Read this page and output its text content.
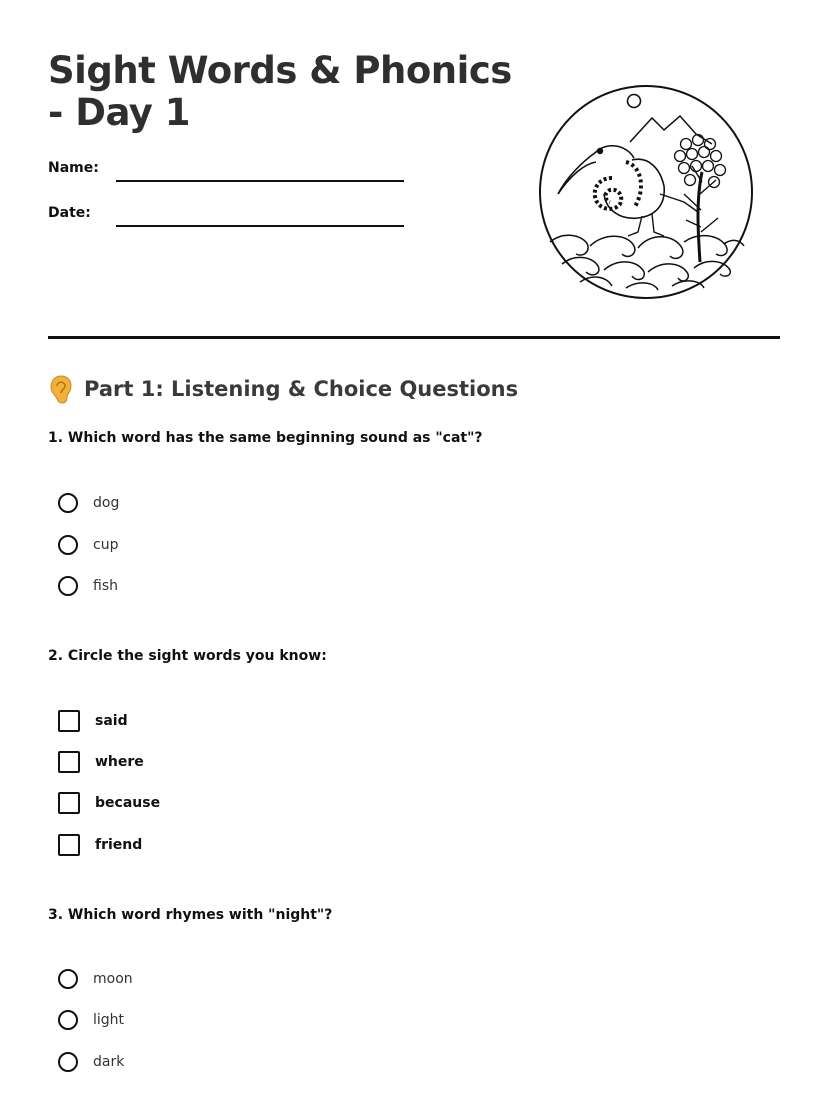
Sight Words & Phonics - Day 1
Name:
Date:
Part 1: Listening & Choice Questions
1. Which word has the same beginning sound as "cat"?
dog
cup
fish
2. Circle the sight words you know:
said
where
because
friend
3. Which word rhymes with "night"?
moon
light
dark
